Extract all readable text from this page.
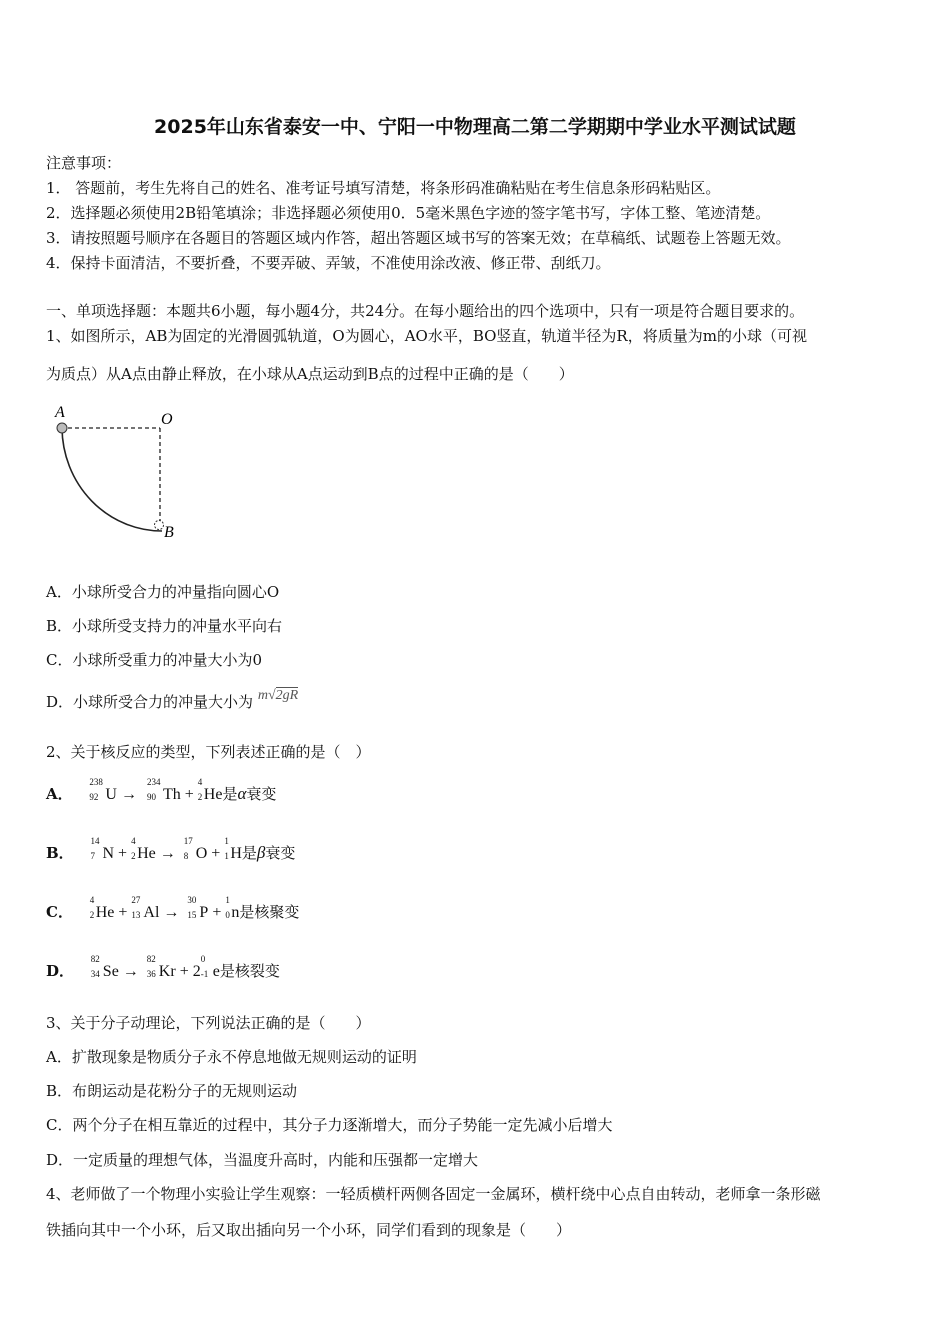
2025年山东省泰安一中、宁阳一中物理高二第二学期期中学业水平测试试题
注意事项：
1． 答题前，考生先将自己的姓名、准考证号填写清楚，将条形码准确粘贴在考生信息条形码粘贴区。
2．选择题必须使用2B铅笔填涂；非选择题必须使用0．5毫米黑色字迹的签字笔书写，字体工整、笔迹清楚。
3．请按照题号顺序在各题目的答题区域内作答，超出答题区域书写的答案无效；在草稿纸、试题卷上答题无效。
4．保持卡面清洁，不要折叠，不要弄破、弄皱，不准使用涂改液、修正带、刮纸刀。
一、单项选择题：本题共6小题，每小题4分，共24分。在每小题给出的四个选项中，只有一项是符合题目要求的。
1、如图所示，AB为固定的光滑圆弧轨道，O为圆心，AO水平，BO竖直，轨道半径为R，将质量为m的小球（可视
为质点）从A点由静止释放，在小球从A点运动到B点的过程中正确的是（　　）
A	O
B
A．小球所受合力的冲量指向圆心O
B．小球所受支持力的冲量水平向右
C．小球所受重力的冲量大小为0
D．小球所受合力的冲量大小为 m√2gR
2、关于核反应的类型，下列表述正确的是（　）
A．
238
92 U →
234
90 Th +
4
2 He是α衰变
B．
14
7 N +
4
2 He →
17
8 O +
1
1 H是β衰变
C．
4
2 He +
27
13 Al →
30
15 P +
1
0 n是核聚变
D．
82
34 Se →
82
36 Kr + 2
0
-1 e是核裂变
3、关于分子动理论，下列说法正确的是（　　）
A．扩散现象是物质分子永不停息地做无规则运动的证明
B．布朗运动是花粉分子的无规则运动
C．两个分子在相互靠近的过程中，其分子力逐渐增大，而分子势能一定先减小后增大
D．一定质量的理想气体，当温度升高时，内能和压强都一定增大
4、老师做了一个物理小实验让学生观察：一轻质横杆两侧各固定一金属环，横杆绕中心点自由转动，老师拿一条形磁
铁插向其中一个小环，后又取出插向另一个小环，同学们看到的现象是（　　）
